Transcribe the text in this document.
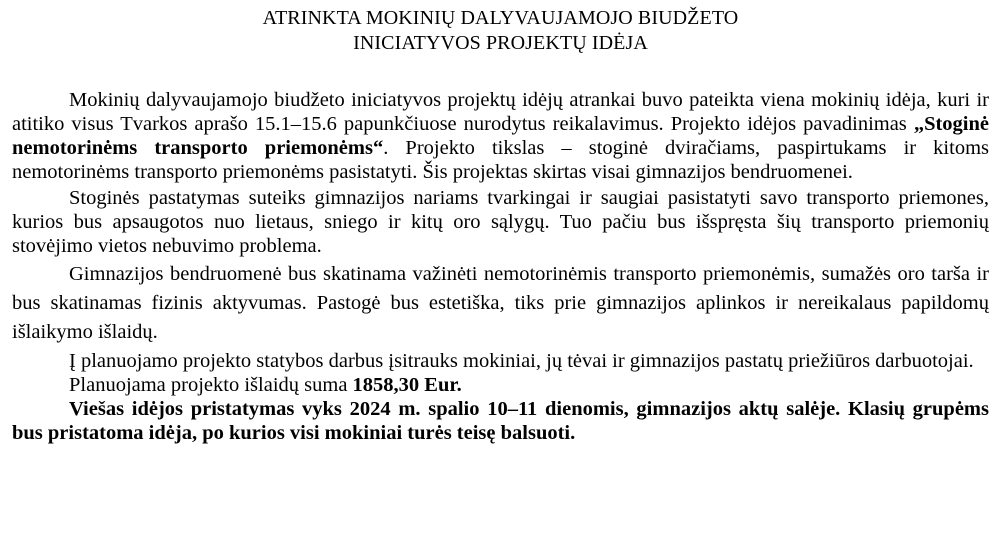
ATRINKTA MOKINIŲ DALYVAUJAMOJO BIUDŽETO
INICIATYVOS PROJEKTŲ IDĖJA

Mokinių dalyvaujamojo biudžeto iniciatyvos projektų idėjų atrankai buvo pateikta viena mokinių idėja, kuri ir atitiko visus Tvarkos aprašo 15.1–15.6 papunkčiuose nurodytus reikalavimus. Projekto idėjos pavadinimas „Stoginė nemotorinėms transporto priemonėms“. Projekto tikslas – stoginė dviračiams, paspirtukams ir kitoms nemotorinėms transporto priemonėms pasistatyti. Šis projektas skirtas visai gimnazijos bendruomenei.

Stoginės pastatymas suteiks gimnazijos nariams tvarkingai ir saugiai pasistatyti savo transporto priemones, kurios bus apsaugotos nuo lietaus, sniego ir kitų oro sąlygų. Tuo pačiu bus išspręsta šių transporto priemonių stovėjimo vietos nebuvimo problema.

Gimnazijos bendruomenė bus skatinama važinėti nemotorinėmis transporto priemonėmis, sumažės oro tarša ir bus skatinamas fizinis aktyvumas. Pastogė bus estetiška, tiks prie gimnazijos aplinkos ir nereikalaus papildomų išlaikymo išlaidų.

Į planuojamo projekto statybos darbus įsitrauks mokiniai, jų tėvai ir gimnazijos pastatų priežiūros darbuotojai.

Planuojama projekto išlaidų suma 1858,30 Eur.

Viešas idėjos pristatymas vyks 2024 m. spalio 10–11 dienomis, gimnazijos aktų salėje. Klasių grupėms bus pristatoma idėja, po kurios visi mokiniai turės teisę balsuoti.
